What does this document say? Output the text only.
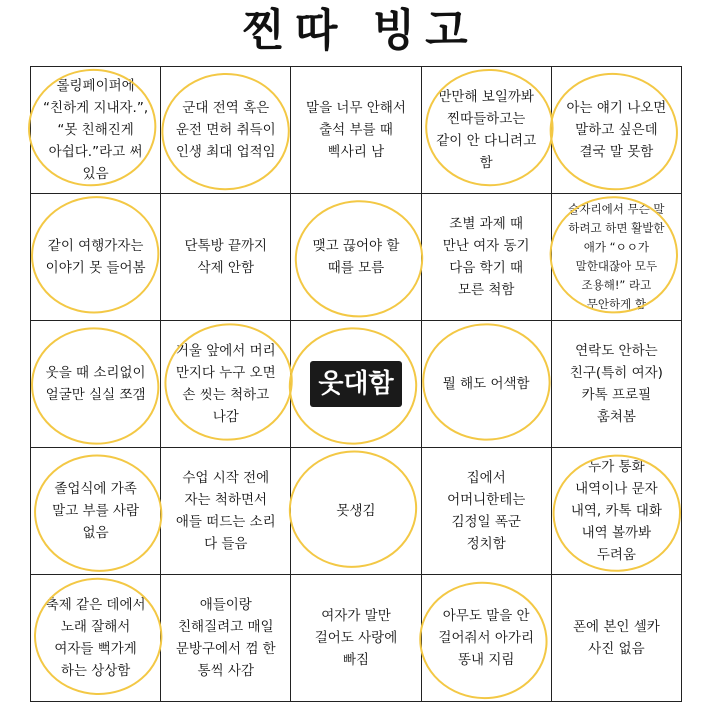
찐따 빙고
롤링페이퍼에
“친하게 지내자.”,
“못 친해진게
아쉽다.”라고 써
있음
군대 전역 혹은
운전 면허 취득이
인생 최대 업적임
말을 너무 안해서
출석 부를 때
삑사리 남
만만해 보일까봐
찐따들하고는
같이 안 다니려고
함
아는 얘기 나오면
말하고 싶은데
결국 말 못함
같이 여행가자는
이야기 못 들어봄
단톡방 끝까지
삭제 안함
맺고 끊어야 할
때를 모름
조별 과제 때
만난 여자 동기
다음 학기 때
모른 척함
술자리에서 무슨 말
하려고 하면 활발한
애가 “ㅇㅇ가
말한대잖아 모두
조용해!” 라고
무안하게 함
웃을 때 소리없이
얼굴만 실실 쪼갬
거울 앞에서 머리
만지다 누구 오면
손 씻는 척하고
나감
웃대함	뭘 해도 어색함
연락도 안하는
친구(특히 여자)
카톡 프로필
훔쳐봄
졸업식에 가족
말고 부를 사람
없음
수업 시작 전에
자는 척하면서
애들 떠드는 소리
다 들음
못생김
집에서
어머니한테는
김정일 폭군
정치함
누가 통화
내역이나 문자
내역, 카톡 대화
내역 볼까봐
두려움
축제 같은 데에서
노래 잘해서
여자들 뻑가게
하는 상상함
애들이랑
친해질려고 매일
문방구에서 껌 한
통씩 사감
여자가 말만
걸어도 사랑에
빠짐
아무도 말을 안
걸어줘서 아가리
똥내 지림
폰에 본인 셀카
사진 없음
